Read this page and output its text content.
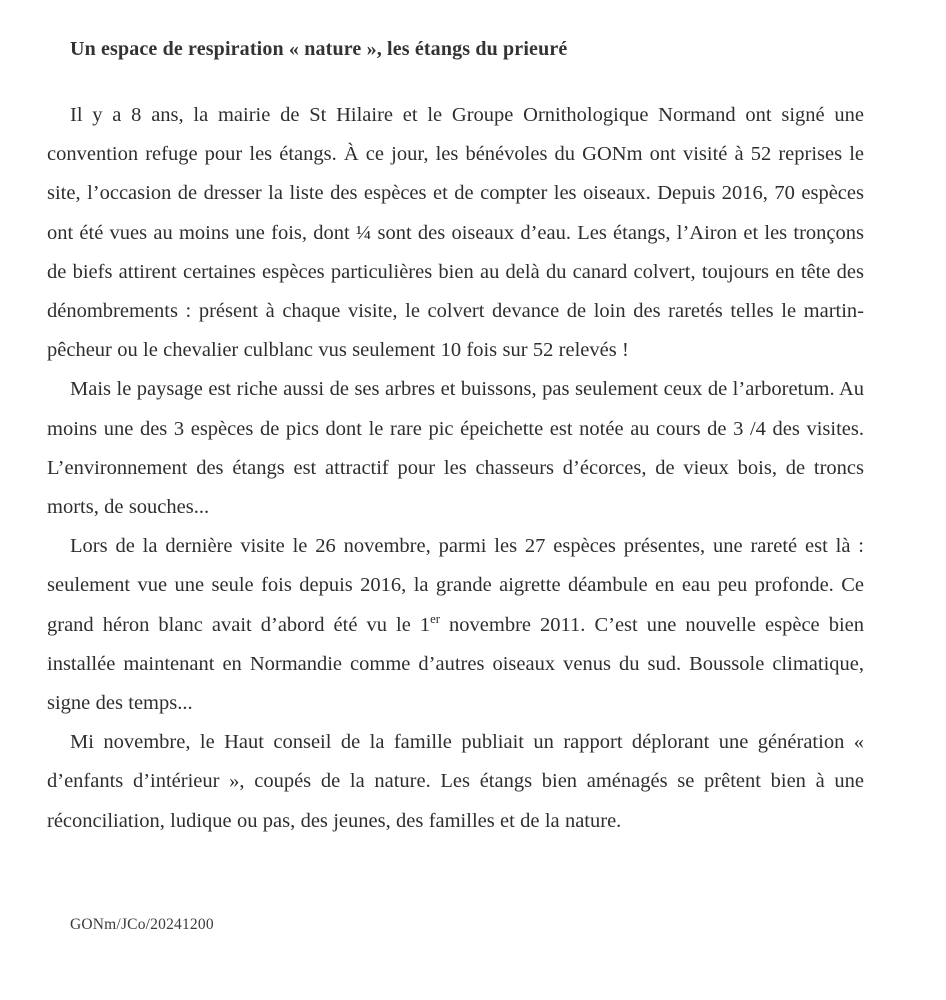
Un espace de respiration « nature », les étangs du prieuré

Il y a 8 ans, la mairie de St Hilaire et le Groupe Ornithologique Normand ont signé une convention refuge pour les étangs. À ce jour, les bénévoles du GONm ont visité à 52 reprises le site, l’occasion de dresser la liste des espèces et de compter les oiseaux. Depuis 2016, 70 espèces ont été vues au moins une fois, dont ¼ sont des oiseaux d’eau. Les étangs, l’Airon et les tronçons de biefs attirent certaines espèces particulières bien au delà du canard colvert, toujours en tête des dénombrements : présent à chaque visite, le colvert devance de loin des raretés telles le martin-pêcheur ou le chevalier culblanc vus seulement 10 fois sur 52 relevés !

Mais le paysage est riche aussi de ses arbres et buissons, pas seulement ceux de l’arboretum. Au moins une des 3 espèces de pics dont le rare pic épeichette est notée au cours de 3 /4 des visites. L’environnement des étangs est attractif pour les chasseurs d’écorces, de vieux bois, de troncs morts, de souches...

Lors de la dernière visite le 26 novembre, parmi les 27 espèces présentes, une rareté est là : seulement vue une seule fois depuis 2016, la grande aigrette déambule en eau peu profonde. Ce grand héron blanc avait d’abord été vu le 1er novembre 2011. C’est une nouvelle espèce bien installée maintenant en Normandie comme d’autres oiseaux venus du sud. Boussole climatique, signe des temps...

Mi novembre, le Haut conseil de la famille publiait un rapport déplorant une génération « d’enfants d’intérieur », coupés de la nature. Les étangs bien aménagés se prêtent bien à une réconciliation, ludique ou pas, des jeunes, des familles et de la nature.

GONm/JCo/20241200
